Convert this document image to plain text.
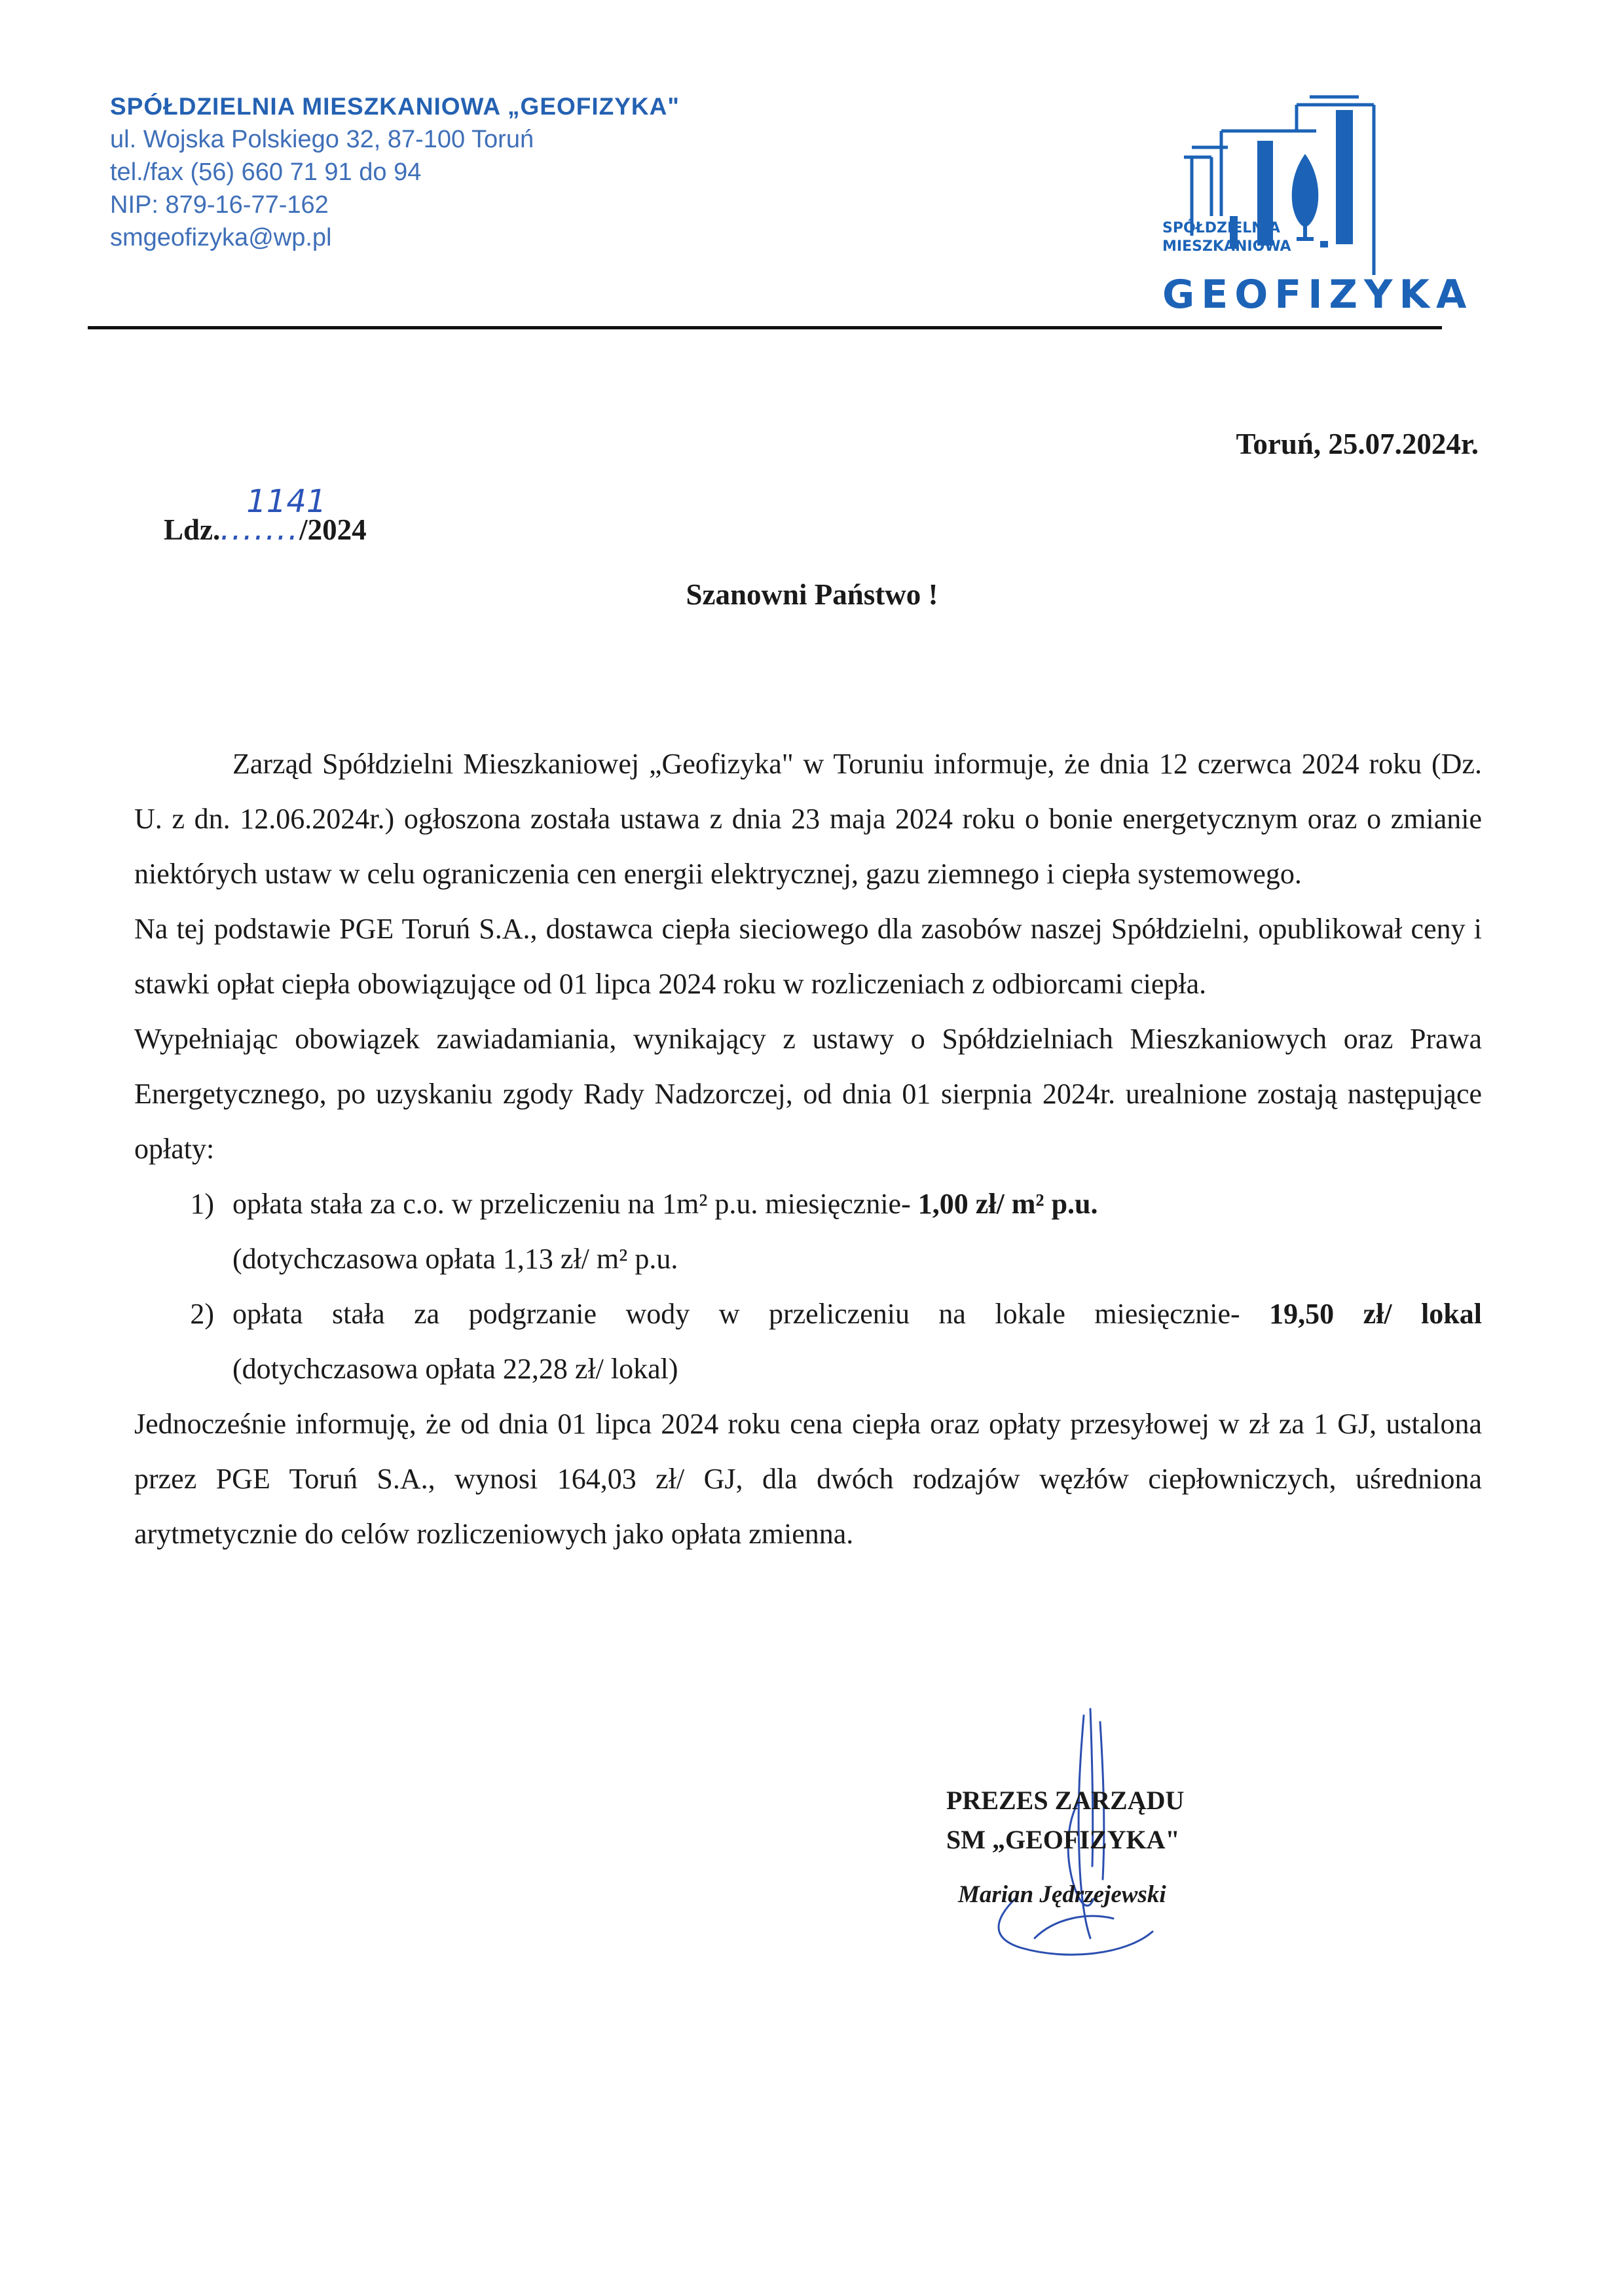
SPÓŁDZIELNIA MIESZKANIOWA „GEOFIZYKA"
ul. Wojska Polskiego 32, 87-100 Toruń
tel./fax (56) 660 71 91 do 94
NIP: 879-16-77-162
smgeofizyka@wp.pl	SPÓŁDZIELNIA
MIESZKANIOWA
GEOFIZYKA
Toruń, 25.07.2024r.
Ldz........
1141
/2024
Szanowni Państwo !

Zarząd Spółdzielni Mieszkaniowej „Geofizyka" w Toruniu informuje, że dnia 12 czerwca 2024 roku (Dz. U. z dn. 12.06.2024r.) ogłoszona została ustawa z dnia 23 maja 2024 roku o bonie energetycznym oraz o zmianie niektórych ustaw w celu ograniczenia cen energii elektrycznej, gazu ziemnego i ciepła systemowego.

Na tej podstawie PGE Toruń S.A., dostawca ciepła sieciowego dla zasobów naszej Spółdzielni, opublikował ceny i stawki opłat ciepła obowiązujące od 01 lipca 2024 roku w rozliczeniach z odbiorcami ciepła.

Wypełniając obowiązek zawiadamiania, wynikający z ustawy o Spółdzielniach Mieszkaniowych oraz Prawa Energetycznego, po uzyskaniu zgody Rady Nadzorczej, od dnia 01 sierpnia 2024r. urealnione zostają następujące opłaty:

1) opłata stała za c.o. w przeliczeniu na 1m² p.u. miesięcznie- 1,00 zł/ m² p.u.
(dotychczasowa opłata 1,13 zł/ m² p.u.
2) opłata stała za podgrzanie wody w przeliczeniu na lokale miesięcznie- 19,50 zł/ lokal
(dotychczasowa opłata 22,28 zł/ lokal)

Jednocześnie informuję, że od dnia 01 lipca 2024 roku cena ciepła oraz opłaty przesyłowej w zł za 1 GJ, ustalona przez PGE Toruń S.A., wynosi 164,03 zł/ GJ, dla dwóch rodzajów węzłów ciepłowniczych, uśredniona arytmetycznie do celów rozliczeniowych jako opłata zmienna.

PREZES ZARZĄDU
SM „GEOFIZYKA"
Marian Jędrzejewski
